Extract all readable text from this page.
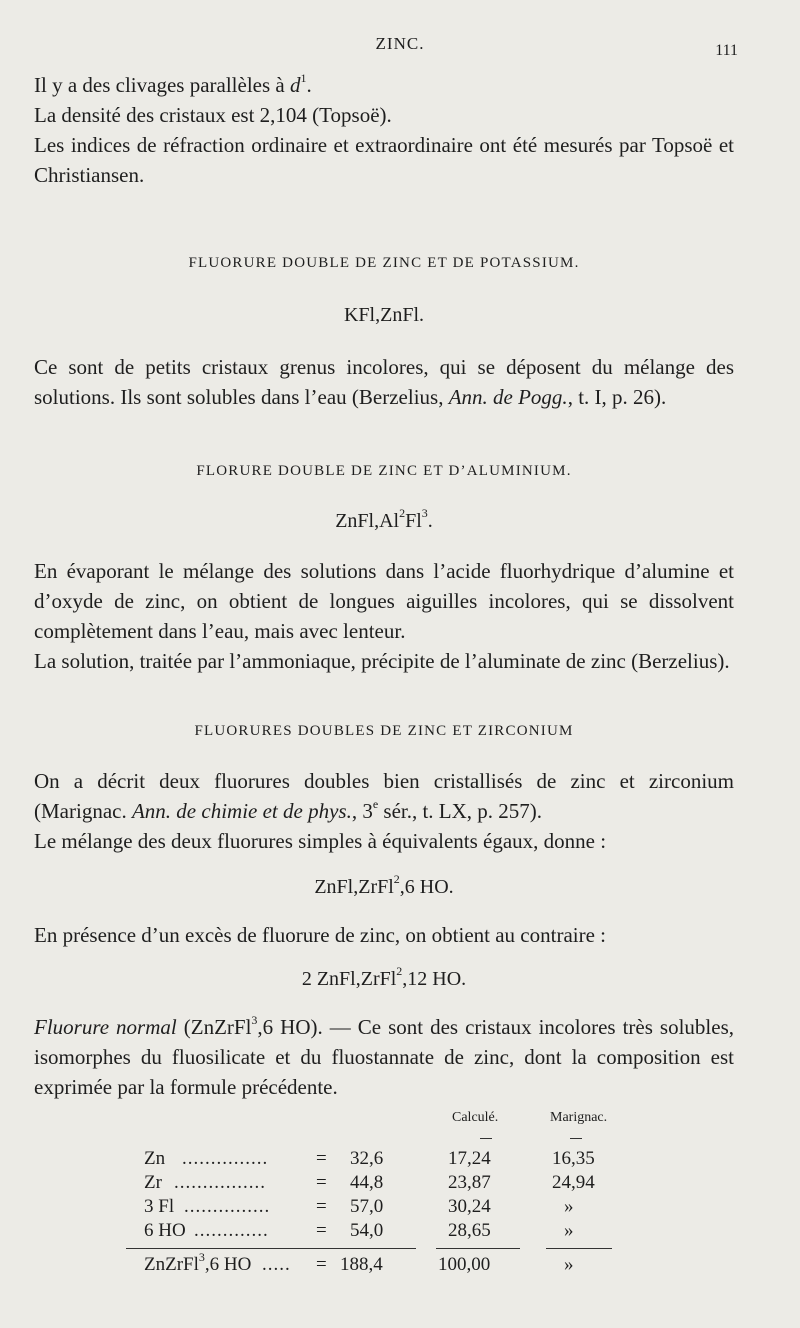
ZINC.	111

Il y a des clivages parallèles à $d^1$.

La densité des cristaux est 2,104 (Topsoë).

Les indices de réfraction ordinaire et extraordinaire ont été mesurés par Topsoë et Christiansen.

FLUORURE DOUBLE DE ZINC ET DE POTASSIUM.
KFl,ZnFl.

Ce sont de petits cristaux grenus incolores, qui se déposent du mélange des solutions. Ils sont solubles dans l’eau (Berzelius, Ann. de Pogg., t. I, p. 26).

FLORURE DOUBLE DE ZINC ET D’ALUMINIUM.
ZnFl,Al$^2$Fl$^3$.

En évaporant le mélange des solutions dans l’acide fluorhydrique d’alumine et d’oxyde de zinc, on obtient de longues aiguilles incolores, qui se dissolvent complètement dans l’eau, mais avec lenteur.

La solution, traitée par l’ammoniaque, précipite de l’aluminate de zinc (Berzelius).

FLUORURES DOUBLES DE ZINC ET ZIRCONIUM

On a décrit deux fluorures doubles bien cristallisés de zinc et zirconium (Marignac. Ann. de chimie et de phys., 3e sér., t. LX, p. 257).

Le mélange des deux fluorures simples à équivalents égaux, donne :

ZnFl,ZrFl$^2$,6 HO.

En présence d’un excès de fluorure de zinc, on obtient au contraire :

2 ZnFl,ZrFl$^2$,12 HO.

Fluorure normal (ZnZrFl$^3$,6 HO). — Ce sont des cristaux incolores très solubles, isomorphes du fluosilicate et du fluostannate de zinc, dont la composition est exprimée par la formule précédente.

Calculé.	Marignac.
Zn ...............	= 32,6	17,24	16,35
Zr ................	= 44,8	23,87	24,94
3 Fl ............... = 57,0	30,24	»
6 HO ............. = 54,0	28,65	»
ZnZrFl$^3$,6 HO ..... = 188,4	100,00	»
